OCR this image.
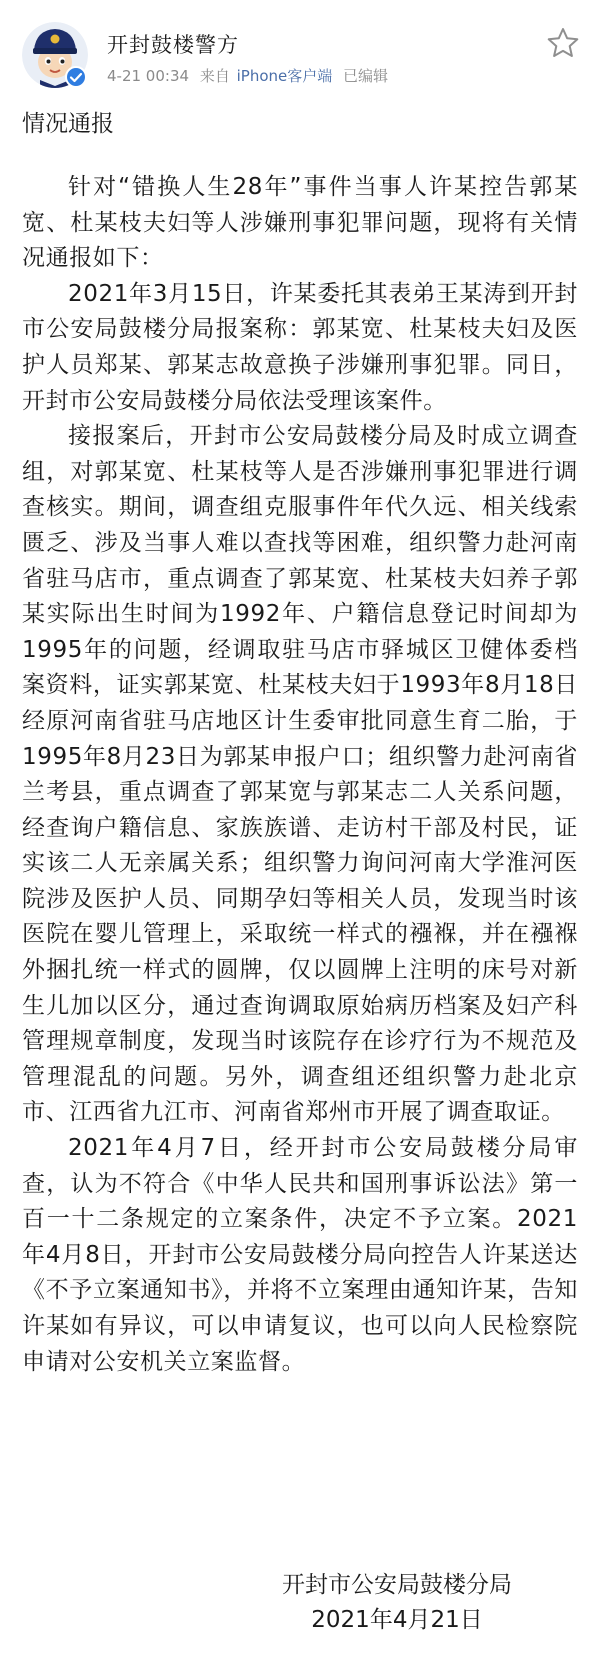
开封鼓楼警方
4-21 00:34 来自 iPhone客户端 已编辑
情况通报

针对“错换人生28年”事件当事人许某控告郭某宽、杜某枝夫妇等人涉嫌刑事犯罪问题，现将有关情况通报如下：

2021年3月15日，许某委托其表弟王某涛到开封市公安局鼓楼分局报案称：郭某宽、杜某枝夫妇及医护人员郑某、郭某志故意换子涉嫌刑事犯罪。同日，开封市公安局鼓楼分局依法受理该案件。

接报案后，开封市公安局鼓楼分局及时成立调查组，对郭某宽、杜某枝等人是否涉嫌刑事犯罪进行调查核实。期间，调查组克服事件年代久远、相关线索匮乏、涉及当事人难以查找等困难，组织警力赴河南省驻马店市，重点调查了郭某宽、杜某枝夫妇养子郭某实际出生时间为1992年、户籍信息登记时间却为1995年的问题，经调取驻马店市驿城区卫健体委档案资料，证实郭某宽、杜某枝夫妇于1993年8月18日经原河南省驻马店地区计生委审批同意生育二胎，于1995年8月23日为郭某申报户口；组织警力赴河南省兰考县，重点调查了郭某宽与郭某志二人关系问题，经查询户籍信息、家族族谱、走访村干部及村民，证实该二人无亲属关系；组织警力询问河南大学淮河医院涉及医护人员、同期孕妇等相关人员，发现当时该医院在婴儿管理上，采取统一样式的襁褓，并在襁褓外捆扎统一样式的圆牌，仅以圆牌上注明的床号对新生儿加以区分，通过查询调取原始病历档案及妇产科管理规章制度，发现当时该院存在诊疗行为不规范及管理混乱的问题。另外，调查组还组织警力赴北京市、江西省九江市、河南省郑州市开展了调查取证。

2021年4月7日，经开封市公安局鼓楼分局审查，认为不符合《中华人民共和国刑事诉讼法》第一百一十二条规定的立案条件，决定不予立案。2021年4月8日，开封市公安局鼓楼分局向控告人许某送达《不予立案通知书》，并将不立案理由通知许某，告知许某如有异议，可以申请复议，也可以向人民检察院申请对公安机关立案监督。

开封市公安局鼓楼分局
2021年4月21日
